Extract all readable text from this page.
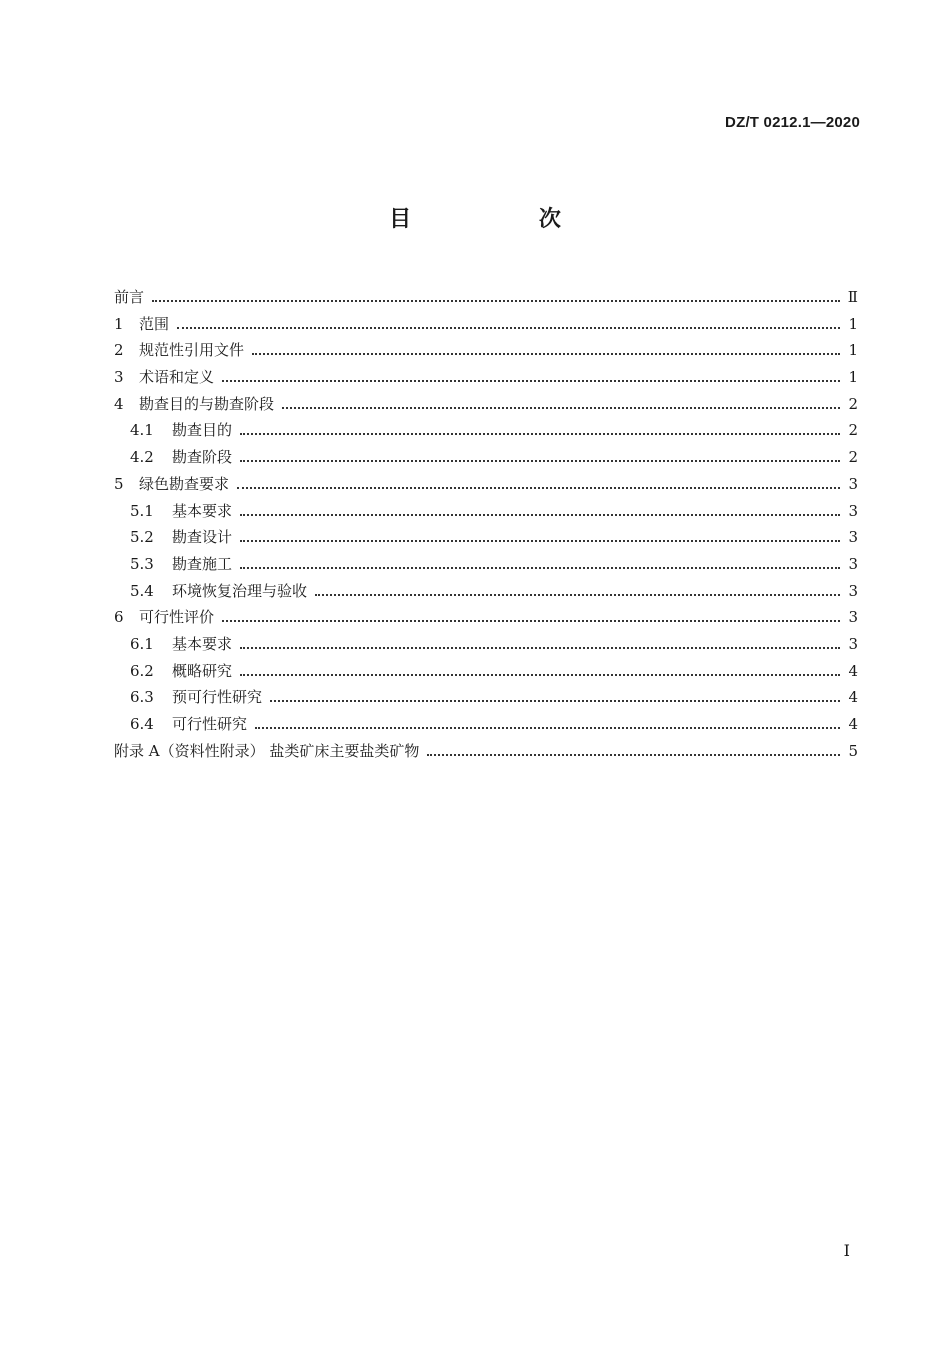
DZ/T 0212.1—2020
目 次
前言	Ⅱ
1	范围	1
2	规范性引用文件	1
3	术语和定义	1
4	勘查目的与勘查阶段	2
4.1	勘查目的	2
4.2	勘查阶段	2
5	绿色勘查要求	3
5.1	基本要求	3
5.2	勘查设计	3
5.3	勘查施工	3
5.4	环境恢复治理与验收	3
6	可行性评价	3
6.1	基本要求	3
6.2	概略研究	4
6.3	预可行性研究	4
6.4	可行性研究	4
附录 A（资料性附录） 盐类矿床主要盐类矿物	5
I
